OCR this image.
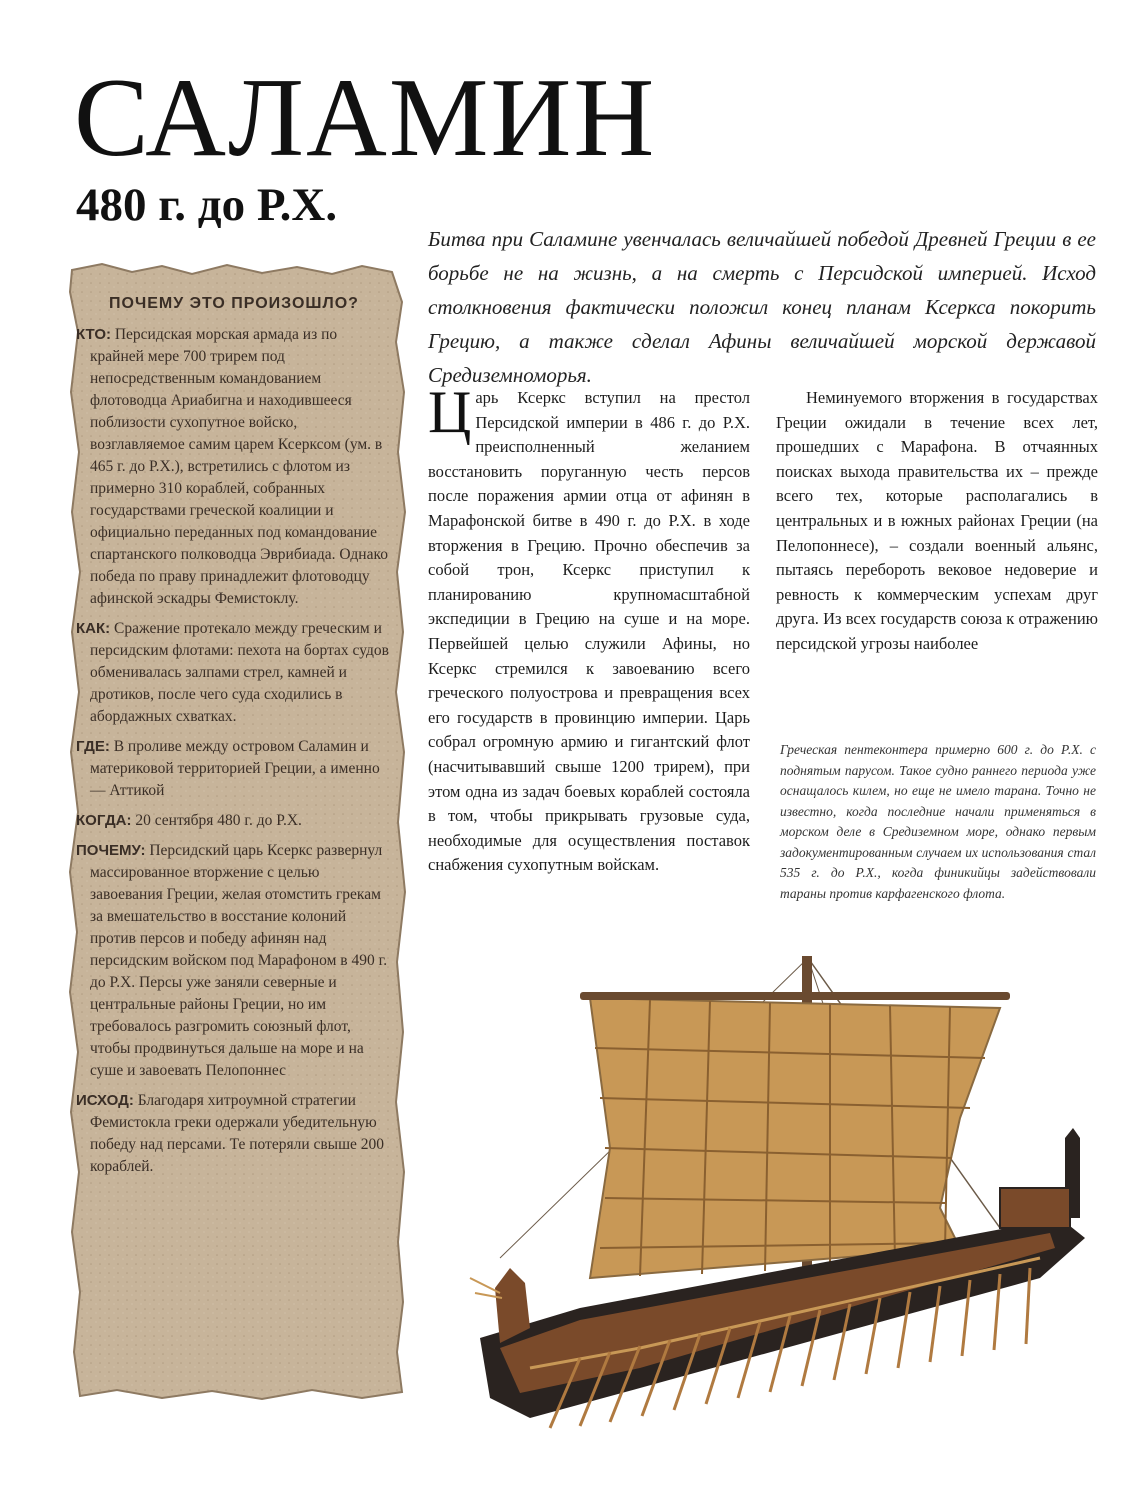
САЛАМИН
480 г. до Р.Х.
Битва при Саламине увенчалась величайшей победой Древней Греции в ее борьбе не на жизнь, а на смерть с Персидской империей. Исход столкновения фактически положил конец планам Ксеркса покорить Грецию, а также сделал Афины величайшей морской державой Средиземноморья.
ПОЧЕМУ ЭТО ПРОИЗОШЛО?
КТО: Персидская морская армада из по крайней мере 700 трирем под непосредственным командованием флотоводца Ариабигна и находившееся поблизости сухопутное войско, возглавляемое самим царем Ксерксом (ум. в 465 г. до Р.Х.), встретились с флотом из примерно 310 кораблей, собранных государствами греческой коалиции и официально переданных под командование спартанского полководца Эврибиада. Однако победа по праву принадлежит флотоводцу афинской эскадры Фемистоклу.
КАК: Сражение протекало между греческим и персидским флотами: пехота на бортах судов обменивалась залпами стрел, камней и дротиков, после чего суда сходились в абордажных схватках.
ГДЕ: В проливе между островом Саламин и материковой территорией Греции, а именно — Аттикой
КОГДА: 20 сентября 480 г. до Р.Х.
ПОЧЕМУ: Персидский царь Ксеркс развернул массированное вторжение с целью завоевания Греции, желая отомстить грекам за вмешательство в восстание колоний против персов и победу афинян над персидским войском под Марафоном в 490 г. до Р.Х. Персы уже заняли северные и центральные районы Греции, но им требовалось разгромить союзный флот, чтобы продвинуться дальше на море и на суше и завоевать Пелопоннес
ИСХОД: Благодаря хитроумной стратегии Фемистокла греки одержали убедительную победу над персами. Те потеряли свыше 200 кораблей.
Ц арь Ксеркс вступил на престол Персидской империи в 486 г. до Р.Х. преисполненный желанием восстановить поруганную честь персов после поражения армии отца от афинян в Марафонской битве в 490 г. до Р.Х. в ходе вторжения в Грецию. Прочно обеспечив за собой трон, Ксеркс приступил к планированию крупномасштабной экспедиции в Грецию на суше и на море. Первейшей целью служили Афины, но Ксеркс стремился к завоеванию всего греческого полуострова и превращения всех его государств в провинцию империи. Царь собрал огромную армию и гигантский флот (насчитывавший свыше 1200 трирем), при этом одна из задач боевых кораблей состояла в том, чтобы прикрывать грузовые суда, необходимые для осуществления поставок снабжения сухопутным войскам.
Неминуемого вторжения в государствах Греции ожидали в течение всех лет, прошедших с Марафона. В отчаянных поисках выхода правительства их – прежде всего тех, которые располагались в центральных и в южных районах Греции (на Пелопоннесе), – создали военный альянс, пытаясь перебороть вековое недоверие и ревность к коммерческим успехам друг друга. Из всех государств союза к отражению персидской угрозы наиболее
Греческая пентеконтера примерно 600 г. до Р.Х. с поднятым парусом. Такое судно раннего периода уже оснащалось килем, но еще не имело тарана. Точно не известно, когда последние начали применяться в морском деле в Средиземном море, однако первым задокументированным случаем их использования стал 535 г. до Р.Х., когда финикийцы задействовали тараны против карфагенского флота.
